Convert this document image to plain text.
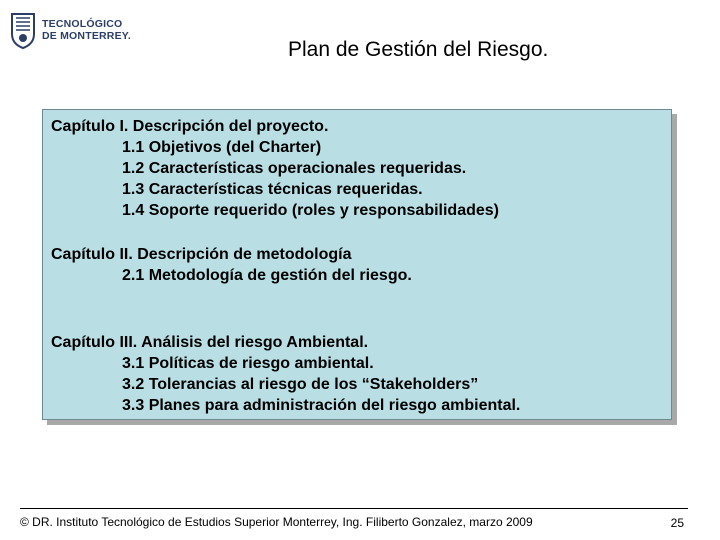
TECNOLÓGICO
DE MONTERREY.
Plan de Gestión del Riesgo.
Capítulo I. Descripción del proyecto.
1.1 Objetivos (del Charter)
1.2 Características operacionales requeridas.
1.3 Características técnicas requeridas.
1.4 Soporte requerido (roles y responsabilidades)
Capítulo II. Descripción de metodología
2.1 Metodología de gestión del riesgo.
Capítulo III. Análisis del riesgo Ambiental.
3.1 Políticas de riesgo ambiental.
3.2 Tolerancias al riesgo de los “Stakeholders”
3.3 Planes para administración del riesgo ambiental.
© DR. Instituto Tecnológico de Estudios Superior Monterrey, Ing. Filiberto Gonzalez, marzo 2009	25
